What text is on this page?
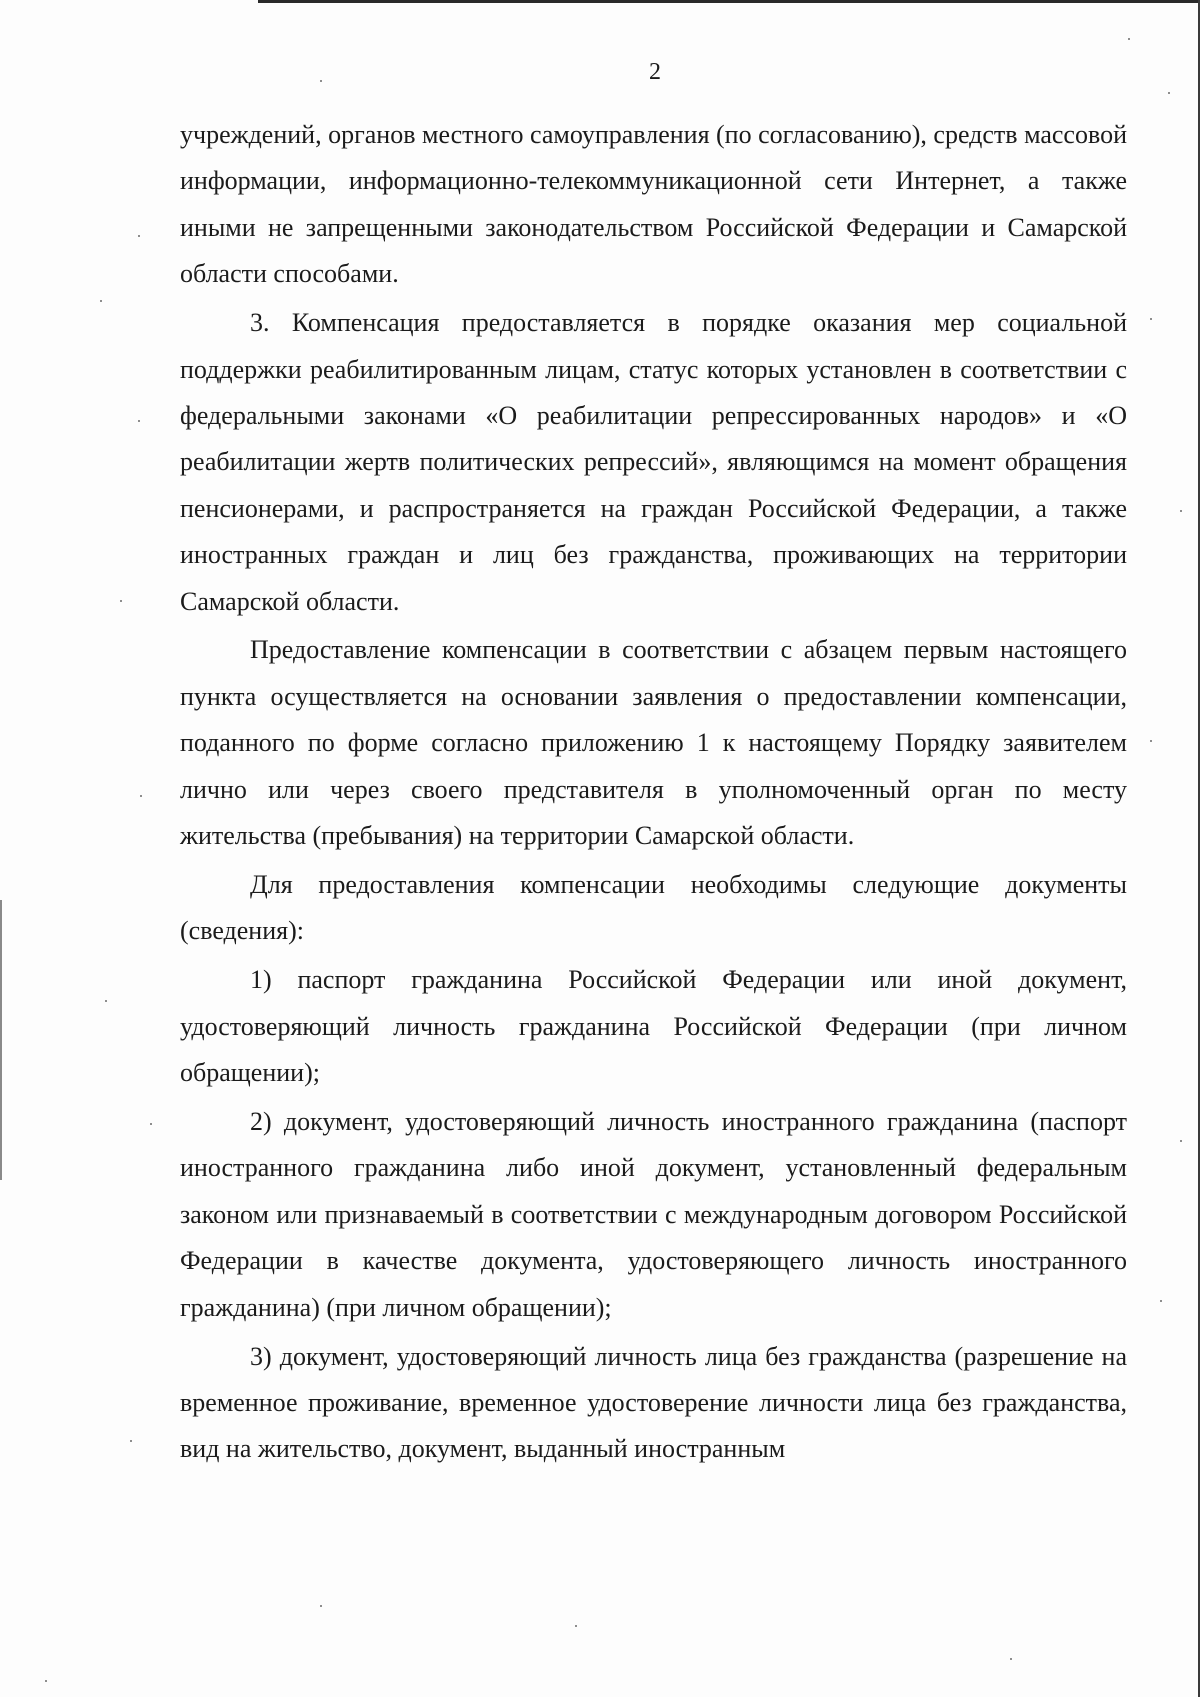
2

учреждений, органов местного самоуправления (по согласованию), средств массовой информации, информационно-телекоммуникационной сети Интернет, а также иными не запрещенными законодательством Российской Федерации и Самарской области способами.

3. Компенсация предоставляется в порядке оказания мер социальной поддержки реабилитированным лицам, статус которых установлен в соответствии с федеральными законами «О реабилитации репрессированных народов» и «О реабилитации жертв политических репрессий», являющимся на момент обращения пенсионерами, и распространяется на граждан Российской Федерации, а также иностранных граждан и лиц без гражданства, проживающих на территории Самарской области.

Предоставление компенсации в соответствии с абзацем первым настоящего пункта осуществляется на основании заявления о предоставлении компенсации, поданного по форме согласно приложению 1 к настоящему Порядку заявителем лично или через своего представителя в уполномоченный орган по месту жительства (пребывания) на территории Самарской области.

Для предоставления компенсации необходимы следующие документы (сведения):

1) паспорт гражданина Российской Федерации или иной документ, удостоверяющий личность гражданина Российской Федерации (при личном обращении);

2) документ, удостоверяющий личность иностранного гражданина (паспорт иностранного гражданина либо иной документ, установленный федеральным законом или признаваемый в соответствии с международным договором Российской Федерации в качестве документа, удостоверяющего личность иностранного гражданина) (при личном обращении);

3) документ, удостоверяющий личность лица без гражданства (разрешение на временное проживание, временное удостоверение личности лица без гражданства, вид на жительство, документ, выданный иностранным
